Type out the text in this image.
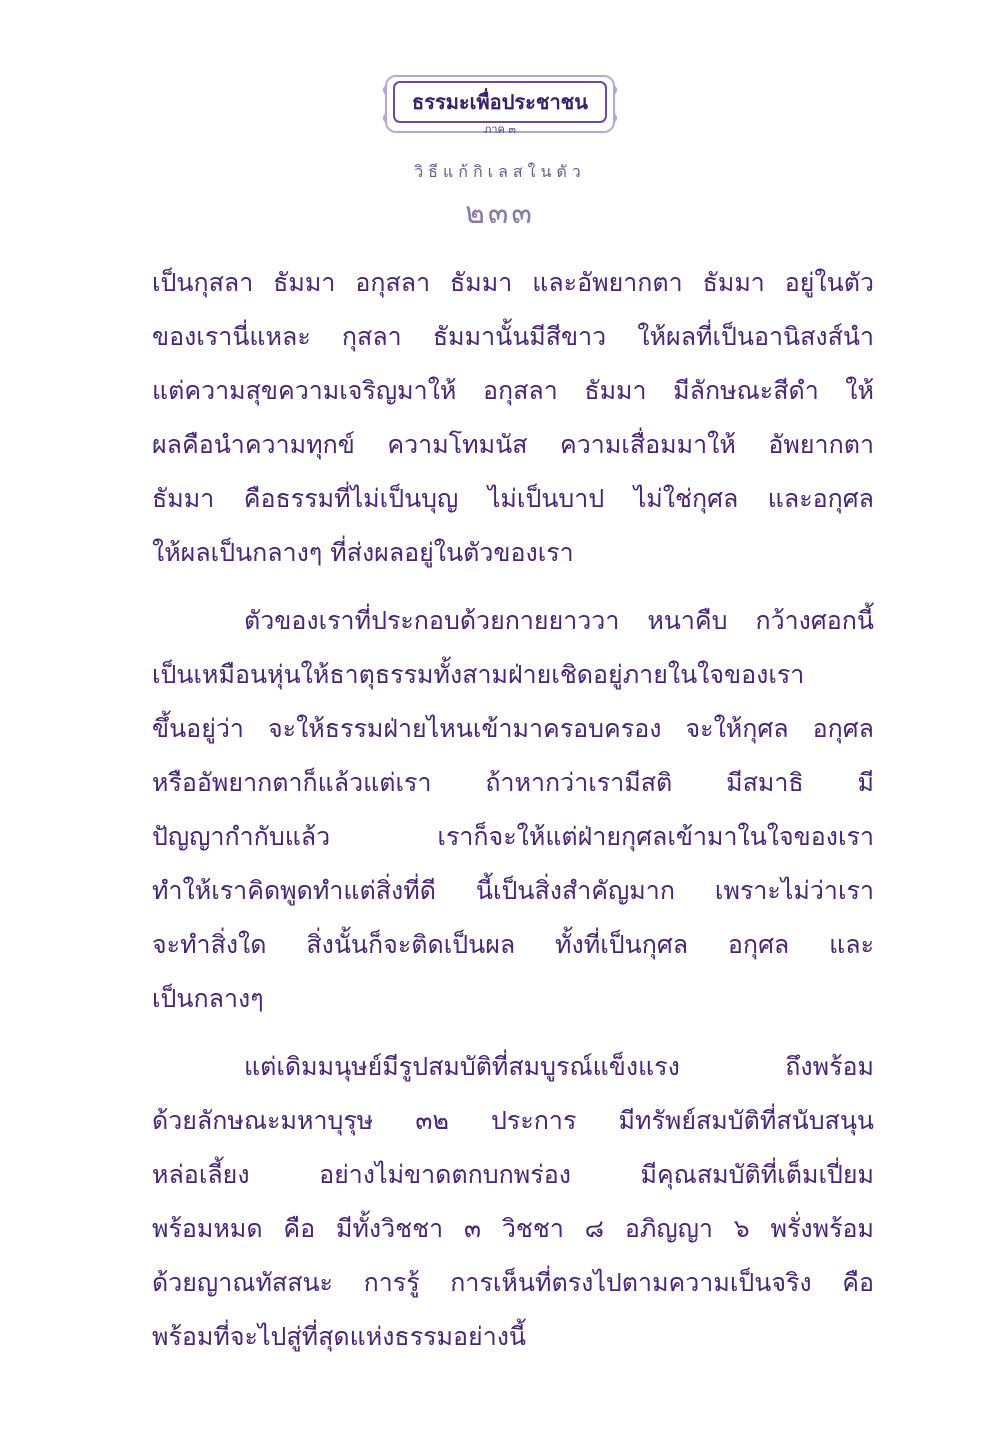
ธรรมะเพื่อประชาชน
ภาค ๓
วิธีแก้กิเลสในตัว
๒๓๓
เป็นกุสลา ธัมมา อกุสลา ธัมมา และอัพยากตา ธัมมา อยู่ในตัว
ของเรานี่แหละ กุสลา ธัมมานั้นมีสีขาว ให้ผลที่เป็นอานิสงส์นำ
แต่ความสุขความเจริญมาให้ อกุสลา ธัมมา มีลักษณะสีดำ ให้
ผลคือนำความทุกข์ ความโทมนัส ความเสื่อมมาให้ อัพยากตา
ธัมมา คือธรรมที่ไม่เป็นบุญ ไม่เป็นบาป ไม่ใช่กุศล และอกุศล
ให้ผลเป็นกลางๆ ที่ส่งผลอยู่ในตัวของเรา
ตัวของเราที่ประกอบด้วยกายยาววา หนาคืบ กว้างศอกนี้
เป็นเหมือนหุ่นให้ธาตุธรรมทั้งสามฝ่ายเชิดอยู่ภายในใจของเรา
ขึ้นอยู่ว่า จะให้ธรรมฝ่ายไหนเข้ามาครอบครอง จะให้กุศล อกุศล
หรืออัพยากตาก็แล้วแต่เรา ถ้าหากว่าเรามีสติ มีสมาธิ มี
ปัญญากำกับแล้ว เราก็จะให้แต่ฝ่ายกุศลเข้ามาในใจของเรา
ทำให้เราคิดพูดทำแต่สิ่งที่ดี นี้เป็นสิ่งสำคัญมาก เพราะไม่ว่าเรา
จะทำสิ่งใด สิ่งนั้นก็จะติดเป็นผล ทั้งที่เป็นกุศล อกุศล และ
เป็นกลางๆ
แต่เดิมมนุษย์มีรูปสมบัติที่สมบูรณ์แข็งแรง ถึงพร้อม
ด้วยลักษณะมหาบุรุษ ๓๒ ประการ มีทรัพย์สมบัติที่สนับสนุน
หล่อเลี้ยง อย่างไม่ขาดตกบกพร่อง มีคุณสมบัติที่เต็มเปี่ยม
พร้อมหมด คือ มีทั้งวิชชา ๓ วิชชา ๘ อภิญญา ๖ พรั่งพร้อม
ด้วยญาณทัสสนะ การรู้ การเห็นที่ตรงไปตามความเป็นจริง คือ
พร้อมที่จะไปสู่ที่สุดแห่งธรรมอย่างนี้
